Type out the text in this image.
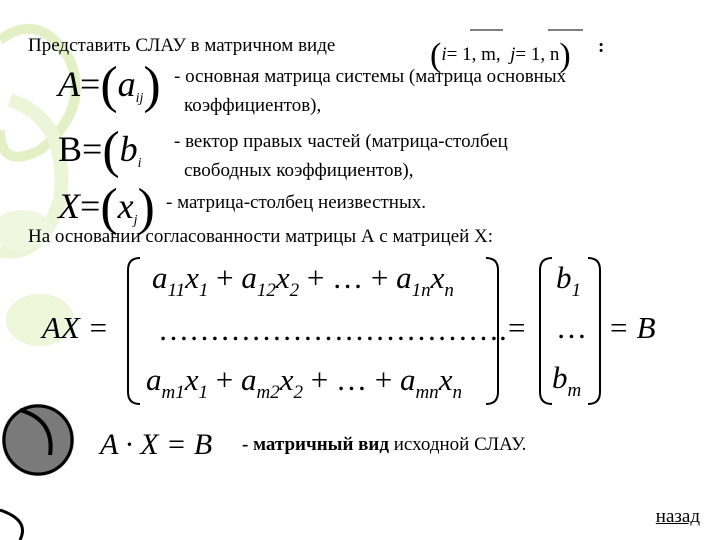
Представить СЛАУ в матричном виде	(i= 1, m, j= 1, n) :
A=(aij) - основная матрица системы (матрица основных
коэффициентов),
B=(bi
- вектор правых частей (матрица-столбец
свободных коэффициентов),
X=(xj) - матрица-столбец неизвестных.
На основании согласованности матрицы А с матрицей X:
AX =
$a_{11}x_1 + a_{12}x_2$ + … + $a_{1n}x_n$
…………………………….
$a_{m1}x_1 + a_{m2}x_2$ + … + $a_{mn}x_n$
=
$b_1$
…
$b_m$
= B
A · X = B - матричный вид исходной СЛАУ.
назад
